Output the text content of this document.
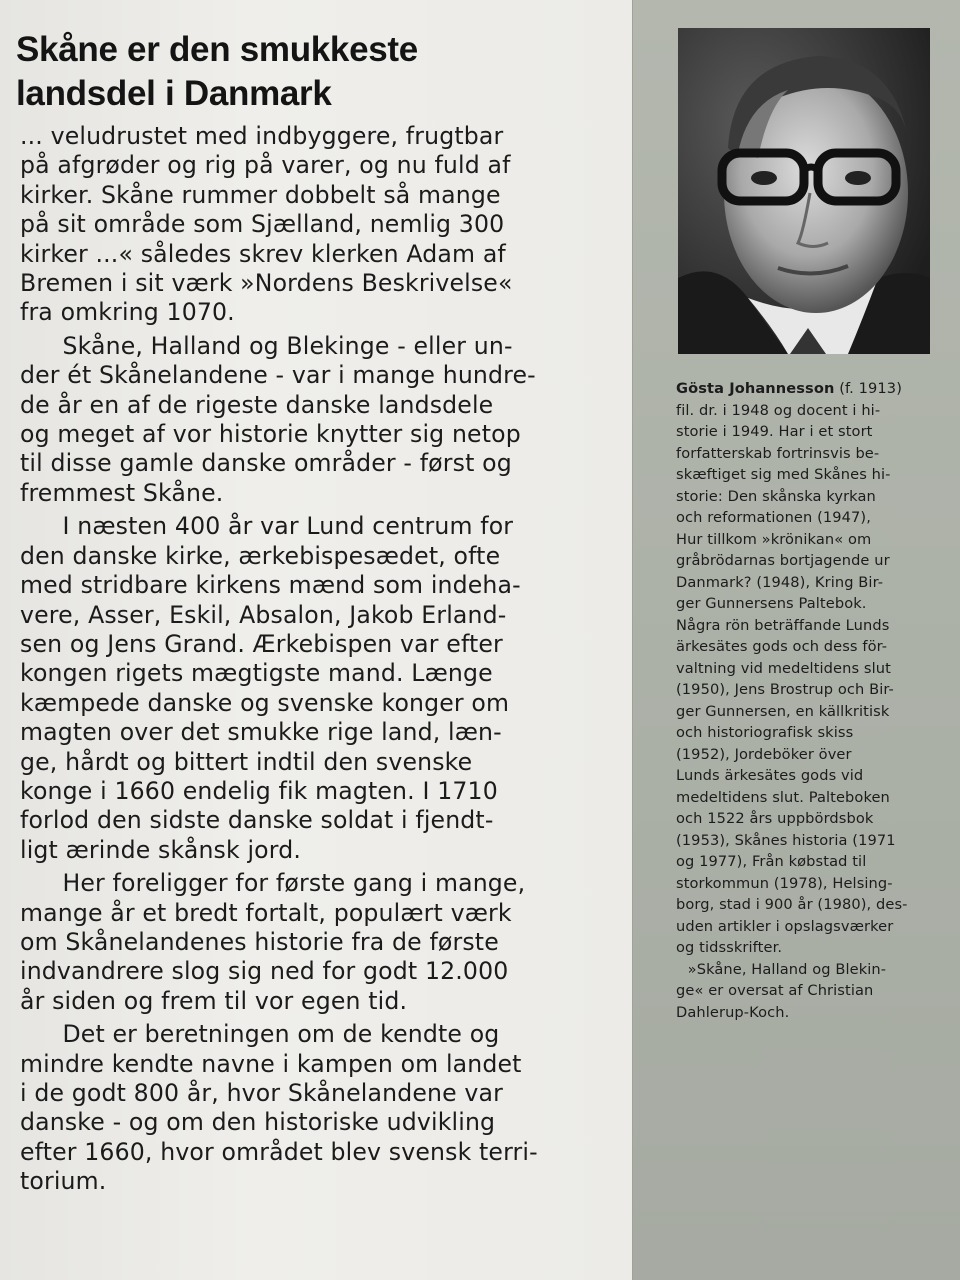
Skåne er den smukkeste
landsdel i Danmark
... veludrustet med indbyggere, frugtbar
på afgrøder og rig på varer, og nu fuld af
kirker. Skåne rummer dobbelt så mange
på sit område som Sjælland, nemlig 300
kirker ...« således skrev klerken Adam af
Bremen i sit værk »Nordens Beskrivelse«
fra omkring 1070.
Skåne, Halland og Blekinge - eller un-
der ét Skånelandene - var i mange hundre-
de år en af de rigeste danske landsdele
og meget af vor historie knytter sig netop
til disse gamle danske områder - først og
fremmest Skåne.
I næsten 400 år var Lund centrum for
den danske kirke, ærkebispesædet, ofte
med stridbare kirkens mænd som indeha-
vere, Asser, Eskil, Absalon, Jakob Erland-
sen og Jens Grand. Ærkebispen var efter
kongen rigets mægtigste mand. Længe
kæmpede danske og svenske konger om
magten over det smukke rige land, læn-
ge, hårdt og bittert indtil den svenske
konge i 1660 endelig fik magten. I 1710
forlod den sidste danske soldat i fjendt-
ligt ærinde skånsk jord.
Her foreligger for første gang i mange,
mange år et bredt fortalt, populært værk
om Skånelandenes historie fra de første
indvandrere slog sig ned for godt 12.000
år siden og frem til vor egen tid.
Det er beretningen om de kendte og
mindre kendte navne i kampen om landet
i de godt 800 år, hvor Skånelandene var
danske - og om den historiske udvikling
efter 1660, hvor området blev svensk terri-
torium.
Gösta Johannesson (f. 1913)
fil. dr. i 1948 og docent i hi-
storie i 1949. Har i et stort
forfatterskab fortrinsvis be-
skæftiget sig med Skånes hi-
storie: Den skånska kyrkan
och reformationen (1947),
Hur tillkom »krönikan« om
gråbrödarnas bortjagende ur
Danmark? (1948), Kring Bir-
ger Gunnersens Paltebok.
Några rön beträffande Lunds
ärkesätes gods och dess för-
valtning vid medeltidens slut
(1950), Jens Brostrup och Bir-
ger Gunnersen, en källkritisk
och historiografisk skiss
(1952), Jordeböker över
Lunds ärkesätes gods vid
medeltidens slut. Palteboken
och 1522 års uppbördsbok
(1953), Skånes historia (1971
og 1977), Från købstad til
storkommun (1978), Helsing-
borg, stad i 900 år (1980), des-
uden artikler i opslagsværker
og tidsskrifter.
»Skåne, Halland og Blekin-
ge« er oversat af Christian
Dahlerup-Koch.
